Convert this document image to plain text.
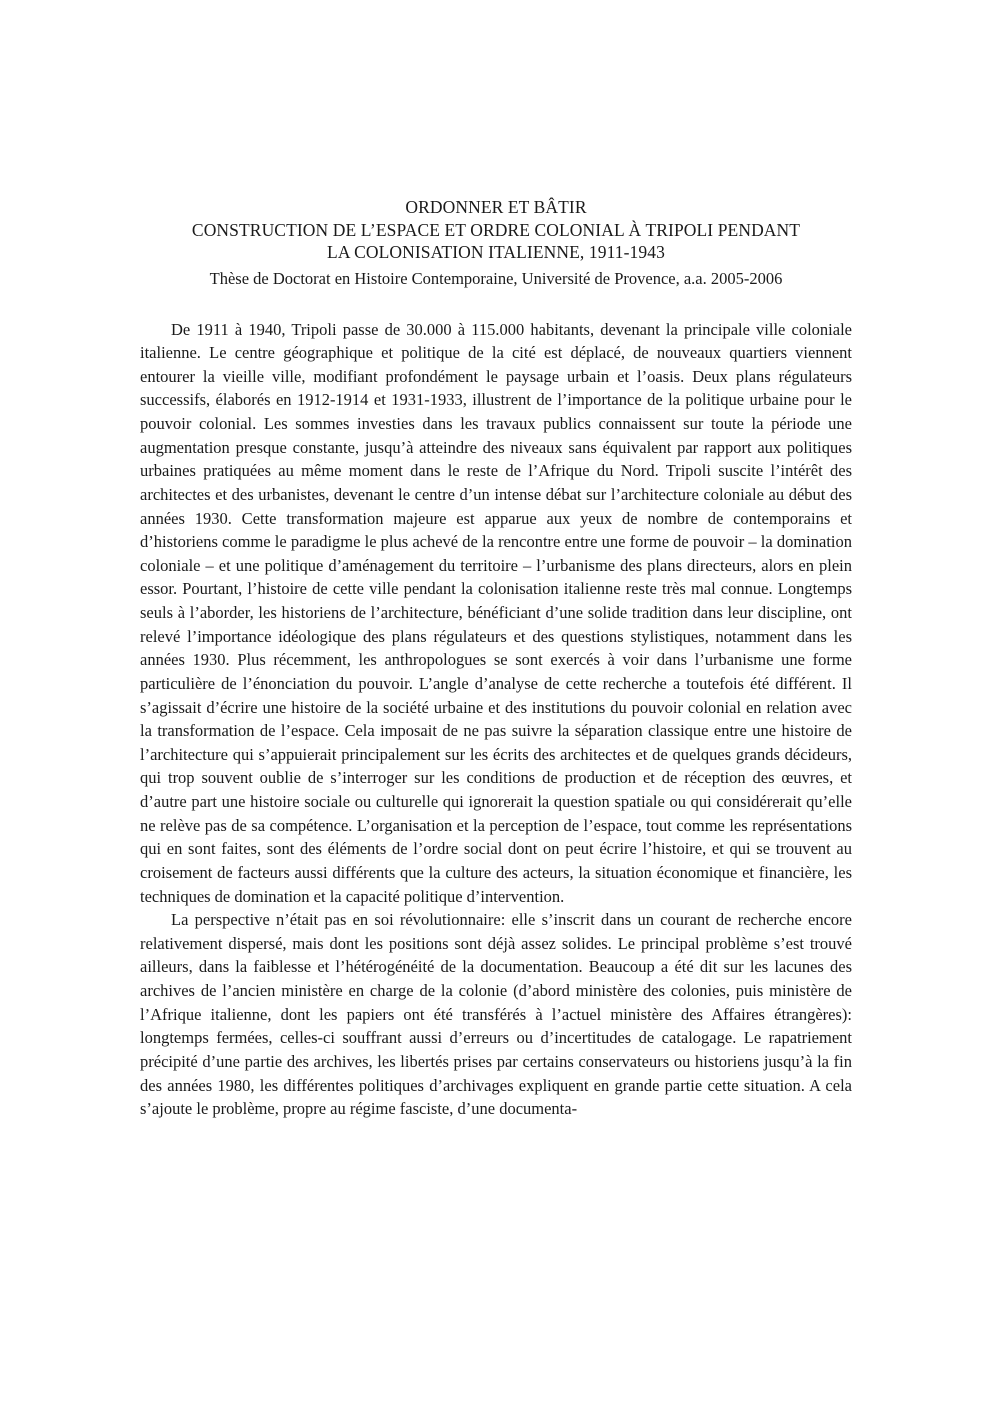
ORDONNER ET BÂTIR
CONSTRUCTION DE L’ESPACE ET ORDRE COLONIAL À TRIPOLI PENDANT
LA COLONISATION ITALIENNE, 1911-1943
Thèse de Doctorat en Histoire Contemporaine, Université de Provence, a.a. 2005-2006

De 1911 à 1940, Tripoli passe de 30.000 à 115.000 habitants, devenant la principale ville coloniale italienne. Le centre géographique et politique de la cité est déplacé, de nouveaux quartiers viennent entourer la vieille ville, modifiant profondément le paysage urbain et l’oasis. Deux plans régulateurs successifs, élaborés en 1912-1914 et 1931-1933, illustrent de l’importance de la politique urbaine pour le pouvoir colonial. Les sommes investies dans les travaux publics connaissent sur toute la période une augmentation presque constante, jusqu’à atteindre des niveaux sans équivalent par rapport aux politiques urbaines pratiquées au même moment dans le reste de l’Afrique du Nord. Tripoli suscite l’intérêt des architectes et des urbanistes, devenant le centre d’un intense débat sur l’architecture coloniale au début des années 1930. Cette transformation majeure est apparue aux yeux de nombre de contemporains et d’historiens comme le paradigme le plus achevé de la rencontre entre une forme de pouvoir – la domination coloniale – et une politique d’aménagement du territoire – l’urbanisme des plans directeurs, alors en plein essor. Pourtant, l’histoire de cette ville pendant la colonisation italienne reste très mal connue. Longtemps seuls à l’aborder, les historiens de l’architecture, bénéficiant d’une solide tradition dans leur discipline, ont relevé l’importance idéologique des plans régulateurs et des questions stylistiques, notamment dans les années 1930. Plus récemment, les anthropologues se sont exercés à voir dans l’urbanisme une forme particulière de l’énonciation du pouvoir. L’angle d’analyse de cette recherche a toutefois été différent. Il s’agissait d’écrire une histoire de la société urbaine et des institutions du pouvoir colonial en relation avec la transformation de l’espace. Cela imposait de ne pas suivre la séparation classique entre une histoire de l’architecture qui s’appuierait principalement sur les écrits des architectes et de quelques grands décideurs, qui trop souvent oublie de s’interroger sur les conditions de production et de réception des œuvres, et d’autre part une histoire sociale ou culturelle qui ignorerait la question spatiale ou qui considérerait qu’elle ne relève pas de sa compétence. L’organisation et la perception de l’espace, tout comme les représentations qui en sont faites, sont des éléments de l’ordre social dont on peut écrire l’histoire, et qui se trouvent au croisement de facteurs aussi différents que la culture des acteurs, la situation économique et financière, les techniques de domination et la capacité politique d’intervention.

La perspective n’était pas en soi révolutionnaire: elle s’inscrit dans un courant de recherche encore relativement dispersé, mais dont les positions sont déjà assez solides. Le principal problème s’est trouvé ailleurs, dans la faiblesse et l’hétérogénéité de la documentation. Beaucoup a été dit sur les lacunes des archives de l’ancien ministère en charge de la colonie (d’abord ministère des colonies, puis ministère de l’Afrique italienne, dont les papiers ont été transférés à l’actuel ministère des Affaires étrangères): longtemps fermées, celles-ci souffrant aussi d’erreurs ou d’incertitudes de catalogage. Le rapatriement précipité d’une partie des archives, les libertés prises par certains conservateurs ou historiens jusqu’à la fin des années 1980, les différentes politiques d’archivages expliquent en grande partie cette situation. A cela s’ajoute le problème, propre au régime fasciste, d’une documenta-
